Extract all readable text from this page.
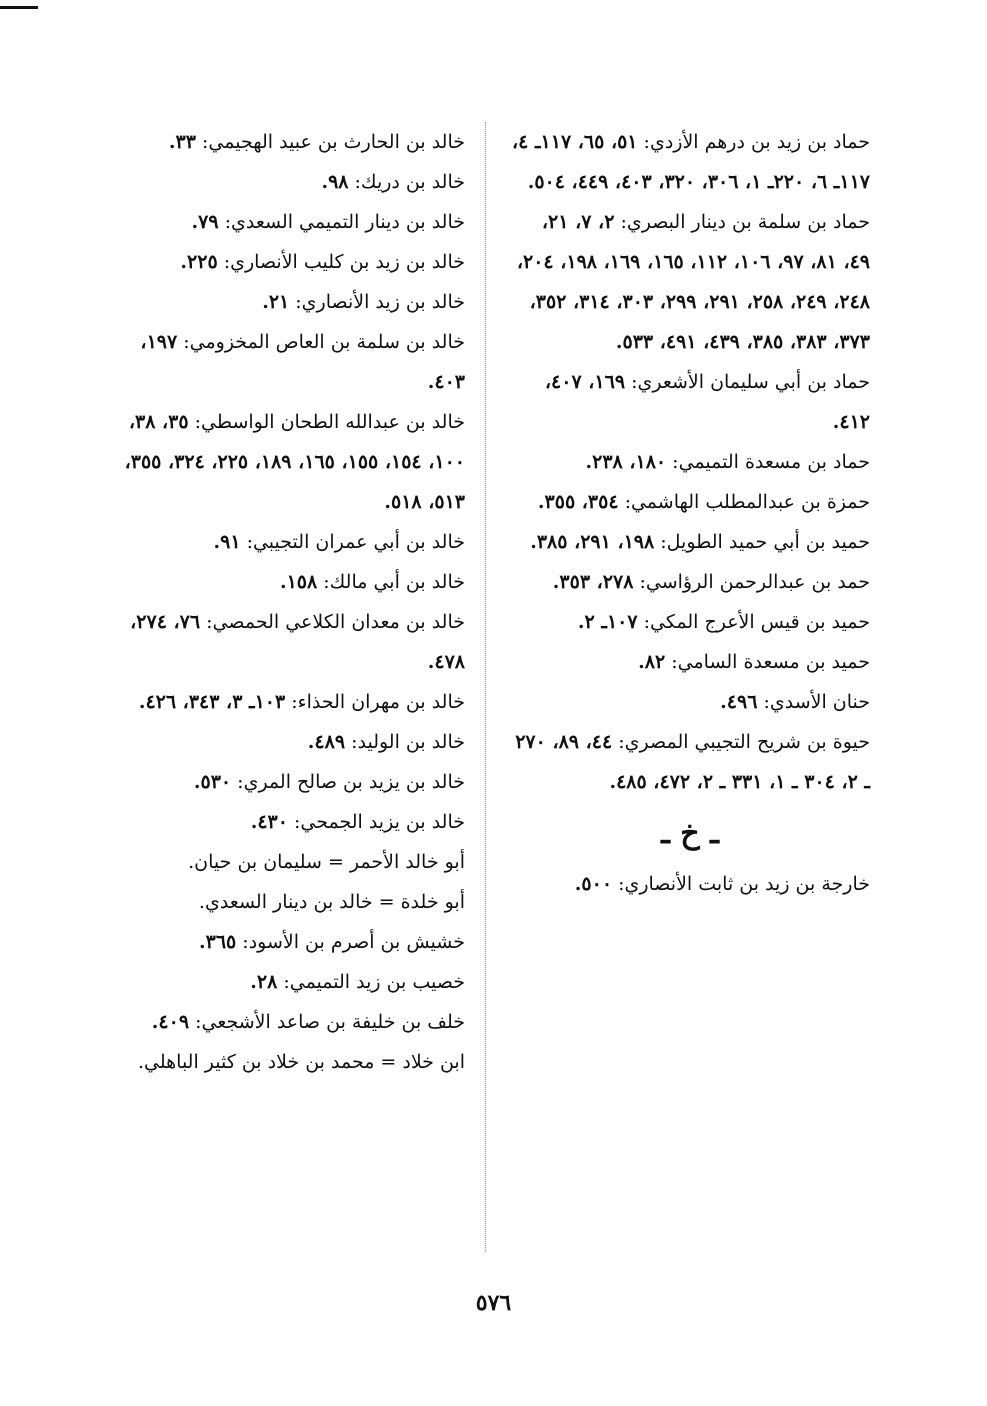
حماد بن زيد بن درهم الأزدي: ٥١، ٦٥، ١١٧ـ ٤، ١١٧ـ ٦، ٢٢٠ـ ١، ٣٠٦، ٣٢٠، ٤٠٣، ٤٤٩، ٥٠٤.
حماد بن سلمة بن دينار البصري: ٢، ٧، ٢١، ٤٩، ٨١، ٩٧، ١٠٦، ١١٢، ١٦٥، ١٦٩، ١٩٨، ٢٠٤، ٢٤٨، ٢٤٩، ٢٥٨، ٢٩١، ٢٩٩، ٣٠٣، ٣١٤، ٣٥٢، ٣٧٣، ٣٨٣، ٣٨٥، ٤٣٩، ٤٩١، ٥٣٣.
حماد بن أبي سليمان الأشعري: ١٦٩، ٤٠٧، ٤١٢.
حماد بن مسعدة التميمي: ١٨٠، ٢٣٨.
حمزة بن عبدالمطلب الهاشمي: ٣٥٤، ٣٥٥.
حميد بن أبي حميد الطويل: ١٩٨، ٢٩١، ٣٨٥.
حمد بن عبدالرحمن الرؤاسي: ٢٧٨، ٣٥٣.
حميد بن قيس الأعرج المكي: ١٠٧ـ ٢.
حميد بن مسعدة السامي: ٨٢.
حنان الأسدي: ٤٩٦.
حيوة بن شريح التجيبي المصري: ٤٤، ٨٩، ٢٧٠ ـ ٢، ٣٠٤ ـ ١، ٣٣١ ـ ٢، ٤٧٢، ٤٨٥.
ـ خ ـ
خارجة بن زيد بن ثابت الأنصاري: ٥٠٠.
خالد بن الحارث بن عبيد الهجيمي: ٣٣.
خالد بن دريك: ٩٨.
خالد بن دينار التميمي السعدي: ٧٩.
خالد بن زيد بن كليب الأنصاري: ٢٢٥.
خالد بن زيد الأنصاري: ٢١.
خالد بن سلمة بن العاص المخزومي: ١٩٧، ٤٠٣.
خالد بن عبدالله الطحان الواسطي: ٣٥، ٣٨، ١٠٠، ١٥٤، ١٥٥، ١٦٥، ١٨٩، ٢٢٥، ٣٢٤، ٣٥٥، ٥١٣، ٥١٨.
خالد بن أبي عمران التجيبي: ٩١.
خالد بن أبي مالك: ١٥٨.
خالد بن معدان الكلاعي الحمصي: ٧٦، ٢٧٤، ٤٧٨.
خالد بن مهران الحذاء: ١٠٣ـ ٣، ٣٤٣، ٤٢٦.
خالد بن الوليد: ٤٨٩.
خالد بن يزيد بن صالح المري: ٥٣٠.
خالد بن يزيد الجمحي: ٤٣٠.
أبو خالد الأحمر = سليمان بن حيان.
أبو خلدة = خالد بن دينار السعدي.
خشيش بن أصرم بن الأسود: ٣٦٥.
خصيب بن زيد التميمي: ٢٨.
خلف بن خليفة بن صاعد الأشجعي: ٤٠٩.
ابن خلاد = محمد بن خلاد بن كثير الباهلي.
٥٧٦
